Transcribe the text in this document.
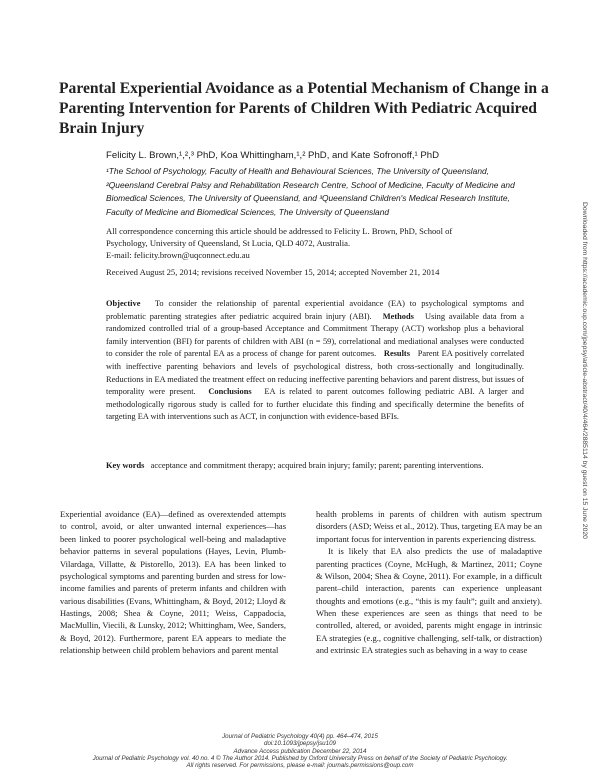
Parental Experiential Avoidance as a Potential Mechanism of Change in a Parenting Intervention for Parents of Children With Pediatric Acquired Brain Injury
Felicity L. Brown,¹,²,³ PhD, Koa Whittingham,¹,² PhD, and Kate Sofronoff,¹ PhD
¹The School of Psychology, Faculty of Health and Behavioural Sciences, The University of Queensland,
²Queensland Cerebral Palsy and Rehabilitation Research Centre, School of Medicine, Faculty of Medicine and
Biomedical Sciences, The University of Queensland, and ³Queensland Children's Medical Research Institute,
Faculty of Medicine and Biomedical Sciences, The University of Queensland
All correspondence concerning this article should be addressed to Felicity L. Brown, PhD, School of
Psychology, University of Queensland, St Lucia, QLD 4072, Australia.
E-mail: felicity.brown@uqconnect.edu.au
Received August 25, 2014; revisions received November 15, 2014; accepted November 21, 2014
Objective To consider the relationship of parental experiential avoidance (EA) to psychological symptoms and problematic parenting strategies after pediatric acquired brain injury (ABI). Methods Using available data from a randomized controlled trial of a group-based Acceptance and Commitment Therapy (ACT) workshop plus a behavioral family intervention (BFI) for parents of children with ABI (n = 59), correlational and mediational analyses were conducted to consider the role of parental EA as a process of change for parent outcomes. Results Parent EA positively correlated with ineffective parenting behaviors and levels of psychological distress, both cross-sectionally and longitudinally. Reductions in EA mediated the treatment effect on reducing ineffective parenting behaviors and parent distress, but issues of temporality were present. Conclusions EA is related to parent outcomes following pediatric ABI. A larger and methodologically rigorous study is called for to further elucidate this finding and specifically determine the benefits of targeting EA with interventions such as ACT, in conjunction with evidence-based BFIs.
Key words acceptance and commitment therapy; acquired brain injury; family; parent; parenting interventions.

Experiential avoidance (EA)—defined as overextended attempts to control, avoid, or alter unwanted internal experiences—has been linked to poorer psychological well-being and maladaptive behavior patterns in several populations (Hayes, Levin, Plumb-Vilardaga, Villatte, & Pistorello, 2013). EA has been linked to psychological symptoms and parenting burden and stress for low-income families and parents of preterm infants and children with various disabilities (Evans, Whittingham, & Boyd, 2012; Lloyd & Hastings, 2008; Shea & Coyne, 2011; Weiss, Cappadocia, MacMullin, Viecili, & Lunsky, 2012; Whittingham, Wee, Sanders, & Boyd, 2012). Furthermore, parent EA appears to mediate the relationship between child problem behaviors and parent mental

health problems in parents of children with autism spectrum disorders (ASD; Weiss et al., 2012). Thus, targeting EA may be an important focus for intervention in parents experiencing distress.

It is likely that EA also predicts the use of maladaptive parenting practices (Coyne, McHugh, & Martinez, 2011; Coyne & Wilson, 2004; Shea & Coyne, 2011). For example, in a difficult parent–child interaction, parents can experience unpleasant thoughts and emotions (e.g., “this is my fault”; guilt and anxiety). When these experiences are seen as things that need to be controlled, altered, or avoided, parents might engage in intrinsic EA strategies (e.g., cognitive challenging, self-talk, or distraction) and extrinsic EA strategies such as behaving in a way to cease

Journal of Pediatric Psychology 40(4) pp. 464–474, 2015
doi:10.1093/jpepsy/jsu109
Advance Access publication December 22, 2014
Journal of Pediatric Psychology vol. 40 no. 4 © The Author 2014. Published by Oxford University Press on behalf of the Society of Pediatric Psychology.
All rights reserved. For permissions, please e-mail: journals.permissions@oup.com
Downloaded from https://academic.oup.com/jpepsy/article-abstract/40/4/464/2885114 by guest on 15 June 2020
